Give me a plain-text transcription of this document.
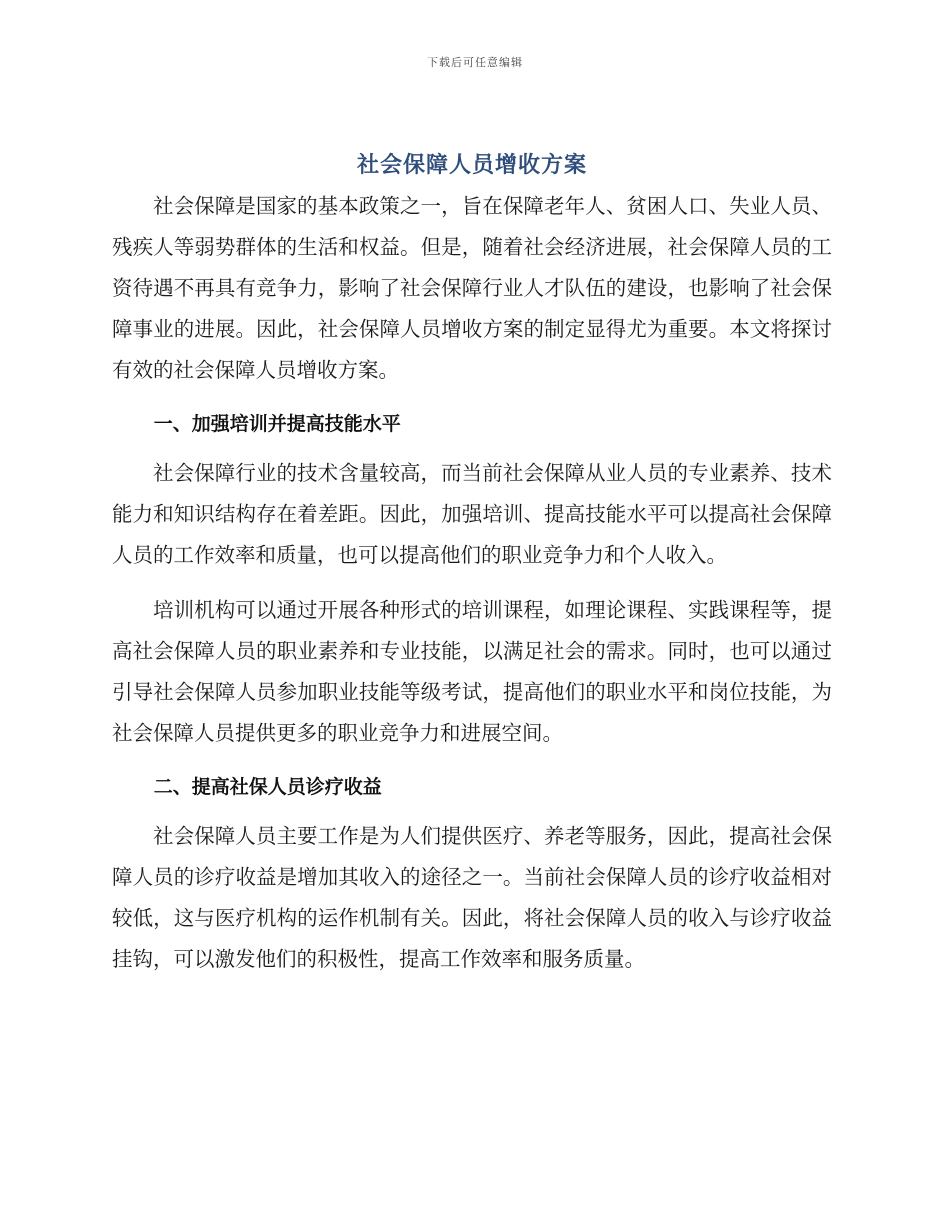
下载后可任意编辑
社会保障人员增收方案

社会保障是国家的基本政策之一，旨在保障老年人、贫困人口、失业人员、残疾人等弱势群体的生活和权益。但是，随着社会经济进展，社会保障人员的工资待遇不再具有竞争力，影响了社会保障行业人才队伍的建设，也影响了社会保障事业的进展。因此，社会保障人员增收方案的制定显得尤为重要。本文将探讨有效的社会保障人员增收方案。

一、加强培训并提高技能水平

社会保障行业的技术含量较高，而当前社会保障从业人员的专业素养、技术能力和知识结构存在着差距。因此，加强培训、提高技能水平可以提高社会保障人员的工作效率和质量，也可以提高他们的职业竞争力和个人收入。

培训机构可以通过开展各种形式的培训课程，如理论课程、实践课程等，提高社会保障人员的职业素养和专业技能，以满足社会的需求。同时，也可以通过引导社会保障人员参加职业技能等级考试，提高他们的职业水平和岗位技能，为社会保障人员提供更多的职业竞争力和进展空间。

二、提高社保人员诊疗收益

社会保障人员主要工作是为人们提供医疗、养老等服务，因此，提高社会保障人员的诊疗收益是增加其收入的途径之一。当前社会保障人员的诊疗收益相对较低，这与医疗机构的运作机制有关。因此，将社会保障人员的收入与诊疗收益挂钩，可以激发他们的积极性，提高工作效率和服务质量。
